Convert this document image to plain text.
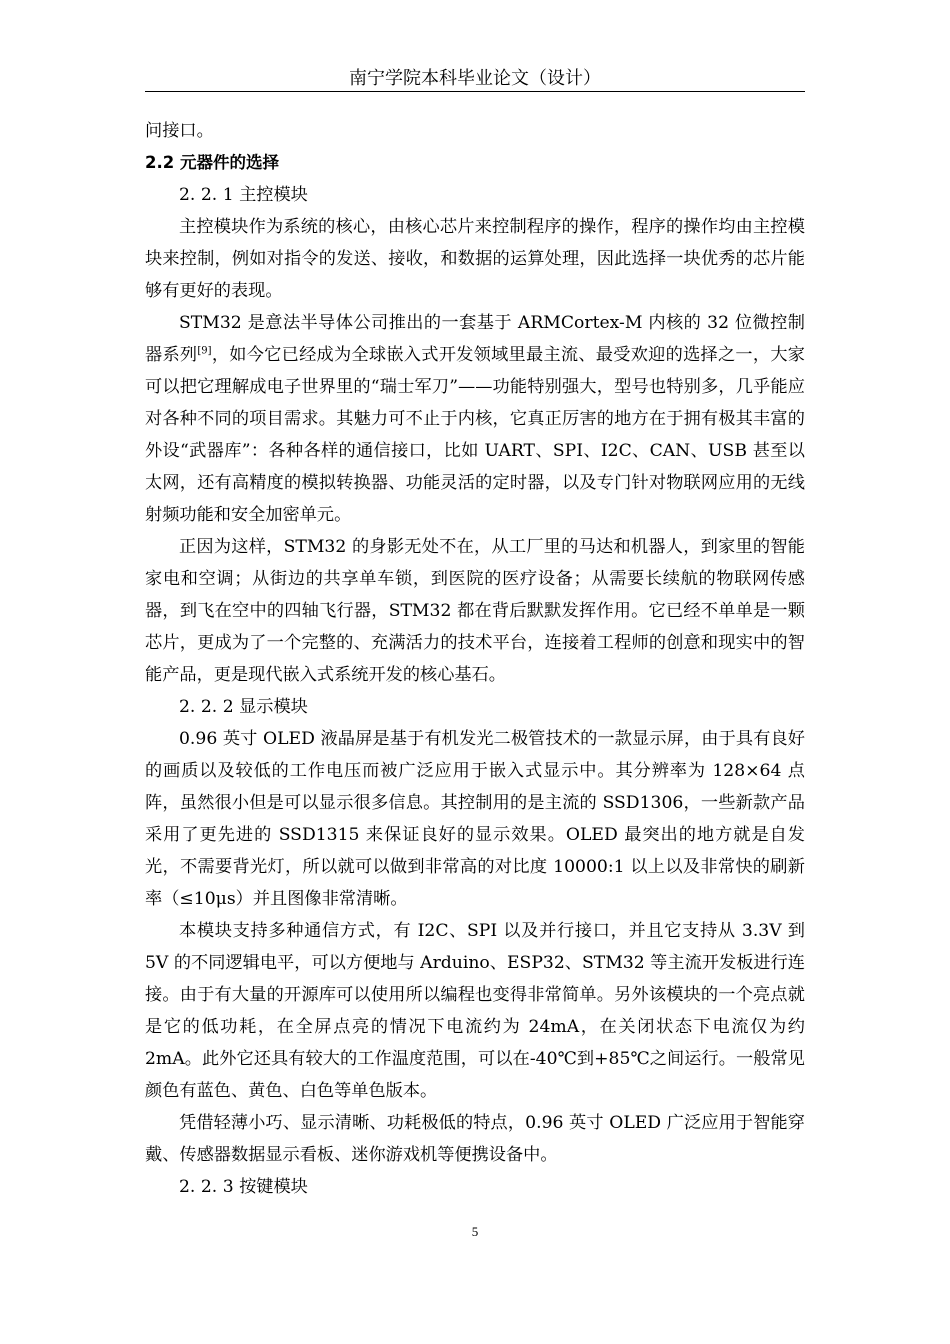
南宁学院本科毕业论文（设计）

问接口。

2.2 元器件的选择

2. 2. 1 主控模块

主控模块作为系统的核心，由核心芯片来控制程序的操作，程序的操作均由主控模块来控制，例如对指令的发送、接收，和数据的运算处理，因此选择一块优秀的芯片能够有更好的表现。

STM32 是意法半导体公司推出的一套基于 ARMCortex-M 内核的 32 位微控制器系列[9]，如今它已经成为全球嵌入式开发领域里最主流、最受欢迎的选择之一，大家可以把它理解成电子世界里的“瑞士军刀”——功能特别强大，型号也特别多，几乎能应对各种不同的项目需求。其魅力可不止于内核，它真正厉害的地方在于拥有极其丰富的外设“武器库”：各种各样的通信接口，比如 UART、SPI、I2C、CAN、USB 甚至以太网，还有高精度的模拟转换器、功能灵活的定时器，以及专门针对物联网应用的无线射频功能和安全加密单元。

正因为这样，STM32 的身影无处不在，从工厂里的马达和机器人，到家里的智能家电和空调；从街边的共享单车锁，到医院的医疗设备；从需要长续航的物联网传感器，到飞在空中的四轴飞行器，STM32 都在背后默默发挥作用。它已经不单单是一颗芯片，更成为了一个完整的、充满活力的技术平台，连接着工程师的创意和现实中的智能产品，更是现代嵌入式系统开发的核心基石。

2. 2. 2 显示模块

0.96 英寸 OLED 液晶屏是基于有机发光二极管技术的一款显示屏，由于具有良好的画质以及较低的工作电压而被广泛应用于嵌入式显示中。其分辨率为 128×64 点阵，虽然很小但是可以显示很多信息。其控制用的是主流的 SSD1306，一些新款产品采用了更先进的 SSD1315 来保证良好的显示效果。OLED 最突出的地方就是自发光，不需要背光灯，所以就可以做到非常高的对比度 10000:1 以上以及非常快的刷新率（≤10μs）并且图像非常清晰。

本模块支持多种通信方式，有 I2C、SPI 以及并行接口，并且它支持从 3.3V 到 5V 的不同逻辑电平，可以方便地与 Arduino、ESP32、STM32 等主流开发板进行连接。由于有大量的开源库可以使用所以编程也变得非常简单。另外该模块的一个亮点就是它的低功耗，在全屏点亮的情况下电流约为 24mA，在关闭状态下电流仅为约 2mA。此外它还具有较大的工作温度范围，可以在-40℃到+85℃之间运行。一般常见颜色有蓝色、黄色、白色等单色版本。

凭借轻薄小巧、显示清晰、功耗极低的特点，0.96 英寸 OLED 广泛应用于智能穿戴、传感器数据显示看板、迷你游戏机等便携设备中。

2. 2. 3 按键模块

5
